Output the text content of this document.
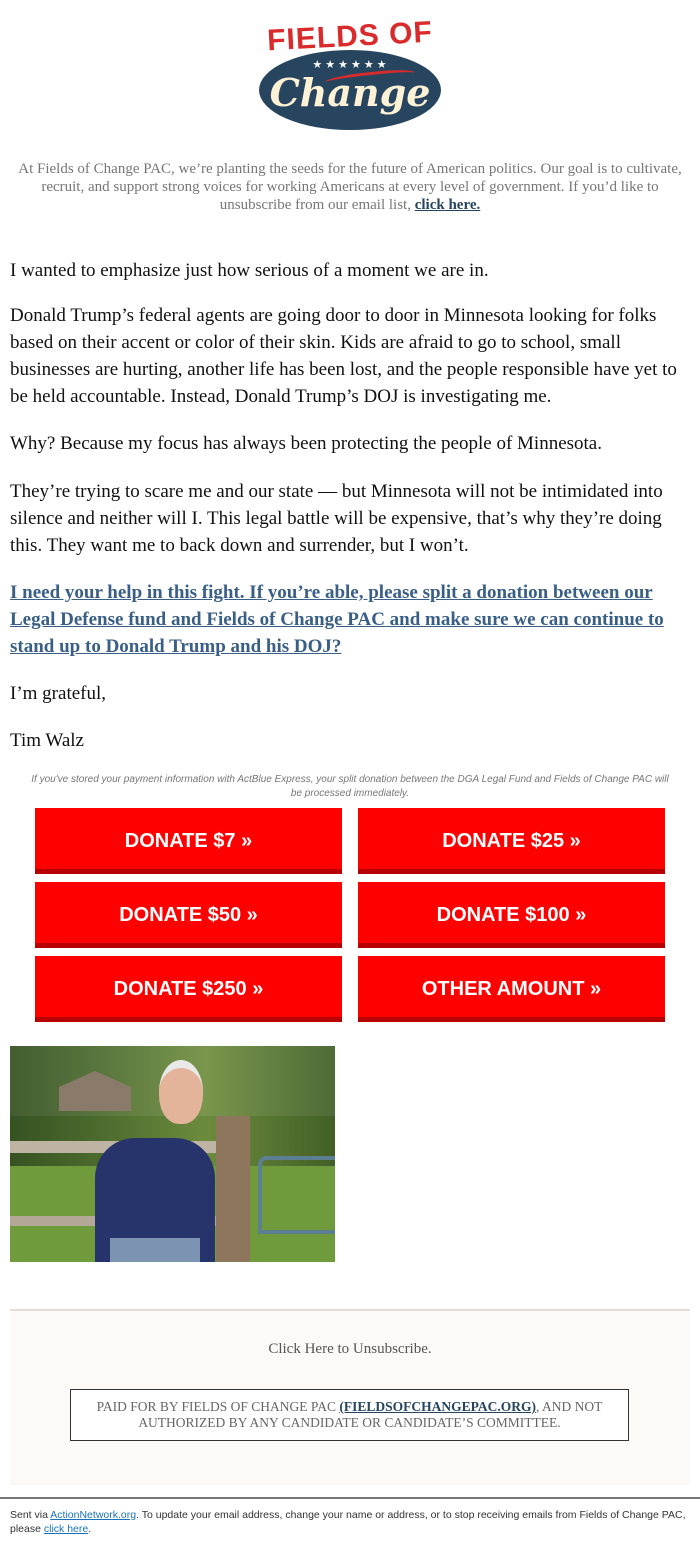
FIELDS OF
★★★★★★
Change
At Fields of Change PAC, we’re planting the seeds for the future of American politics. Our goal is to cultivate, recruit, and support strong voices for working Americans at every level of government. If you’d like to unsubscribe from our email list, click here.

I wanted to emphasize just how serious of a moment we are in.

Donald Trump’s federal agents are going door to door in Minnesota looking for folks based on their accent or color of their skin. Kids are afraid to go to school, small businesses are hurting, another life has been lost, and the people responsible have yet to be held accountable. Instead, Donald Trump’s DOJ is investigating me.

Why? Because my focus has always been protecting the people of Minnesota.

They’re trying to scare me and our state — but Minnesota will not be intimidated into silence and neither will I. This legal battle will be expensive, that’s why they’re doing this. They want me to back down and surrender, but I won’t.

I need your help in this fight. If you’re able, please split a donation between our Legal Defense fund and Fields of Change PAC and make sure we can continue to stand up to Donald Trump and his DOJ?

I’m grateful,

Tim Walz

If you've stored your payment information with ActBlue Express, your split donation between the DGA Legal Fund and Fields of Change PAC will be processed immediately.
DONATE $7 »	DONATE $25 »
DONATE $50 »	DONATE $100 »
DONATE $250 »	OTHER AMOUNT »
Click Here to Unsubscribe.
PAID FOR BY FIELDS OF CHANGE PAC (FIELDSOFCHANGEPAC.ORG), AND NOT AUTHORIZED BY ANY CANDIDATE OR CANDIDATE’S COMMITTEE.
Sent via ActionNetwork.org. To update your email address, change your name or address, or to stop receiving emails from Fields of Change PAC, please click here.
